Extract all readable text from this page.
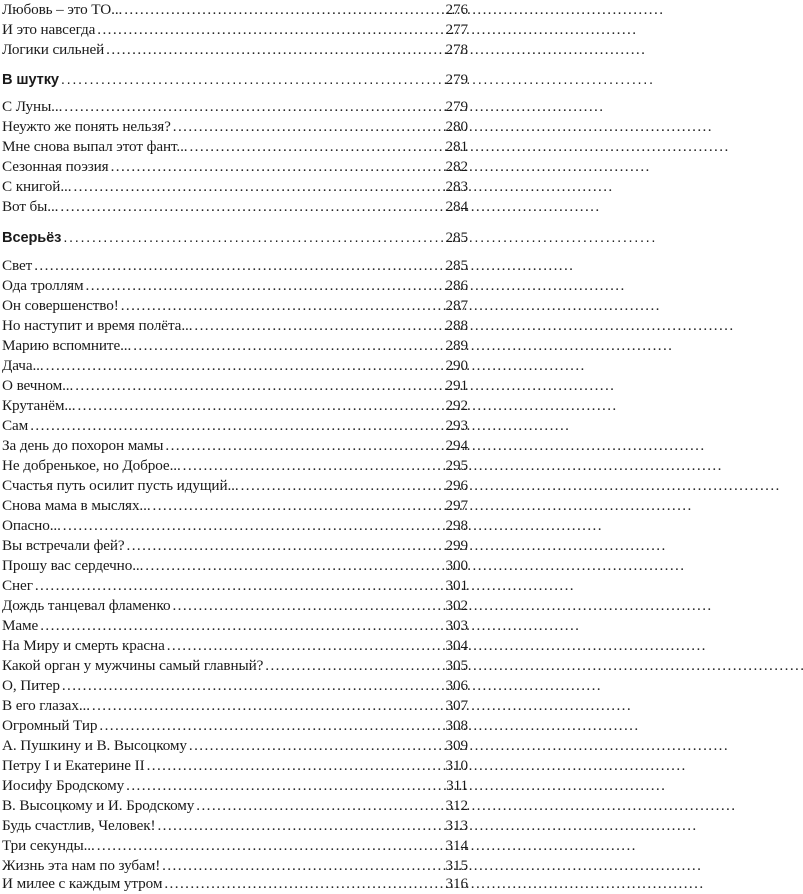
Любовь – это ТО... . . .	276
И это навсегда . . .	277
Логики сильней . . .	278
В шутку . . .	279
С Луны... . . .	279
Неужто же понять нельзя? . . .	280
Мне снова выпал этот фант... . . .	281
Сезонная поэзия . . .	282
С книгой... . . .	283
Вот бы... . . .	284
Всерьёз . . .	285
Свет . . .	285
Ода троллям . . .	286
Он совершенство! . . .	287
Но наступит и время полёта... . . .	288
Марию вспомните... . . .	289
Дача... . . .	290
О вечном... . . .	291
Крутанём... . . .	292
Сам . . .	293
За день до похорон мамы . . .	294
Не добренькое, но Доброе... . . .	295
Счастья путь осилит пусть идущий... . . .	296
Снова мама в мыслях... . . .	297
Опасно... . . .	298
Вы встречали фей? . . .	299
Прошу вас сердечно... . . .	300
Снег . . .	301
Дождь танцевал фламенко . . .	302
Маме . . .	303
На Миру и смерть красна . . .	304
Какой орган у мужчины самый главный? . . .	305
О, Питер . . .	306
В его глазах... . . .	307
Огромный Тир . . .	308
А. Пушкину и В. Высоцкому . . .	309
Петру I и Екатерине II . . .	310
Иосифу Бродскому . . .	311
В. Высоцкому и И. Бродскому . . .	312
Будь счастлив, Человек! . . .	313
Три секунды... . . .	314
Жизнь эта нам по зубам! . . .	315
И милее с каждым утром . . .	316
